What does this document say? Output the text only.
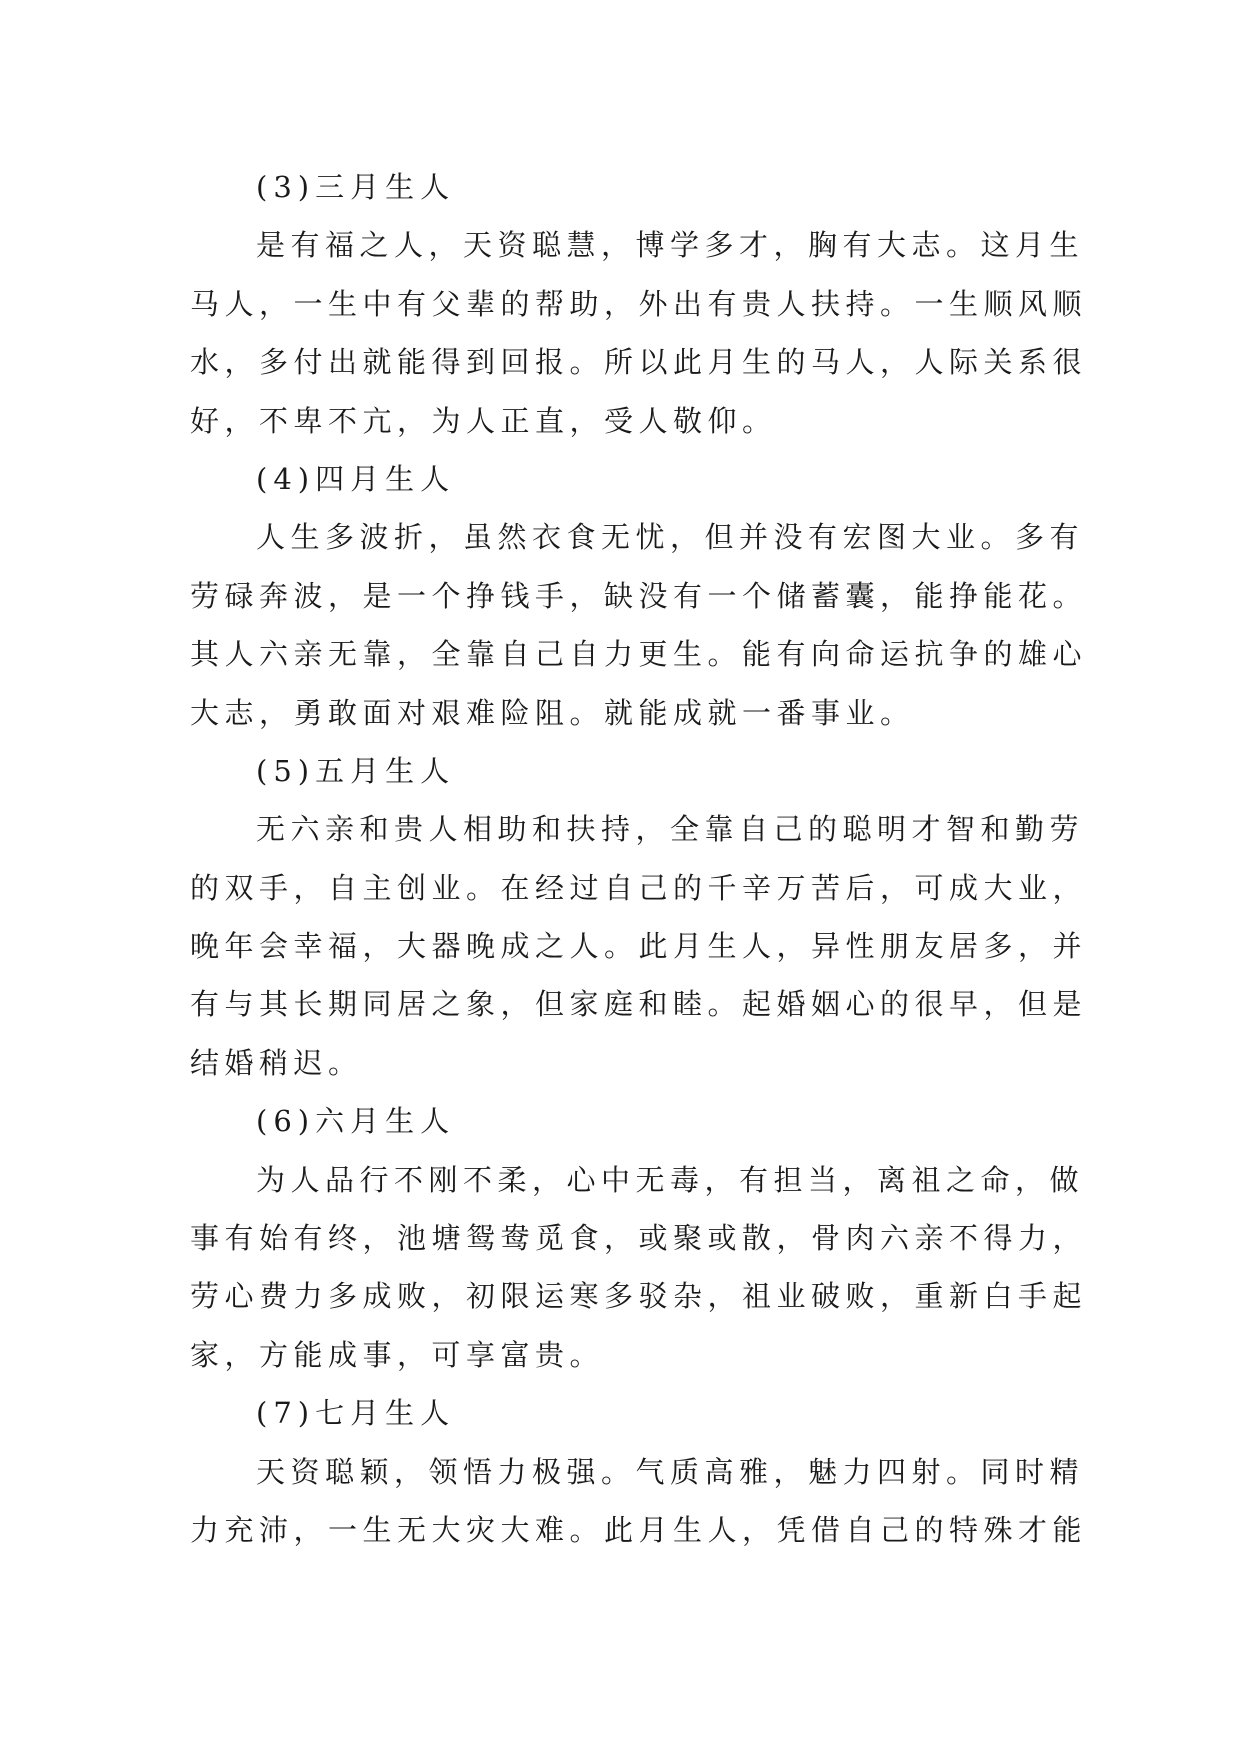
(3)三月生人
是有福之人，天资聪慧，博学多才，胸有大志。这月生
马人，一生中有父辈的帮助，外出有贵人扶持。一生顺风顺
水，多付出就能得到回报。所以此月生的马人，人际关系很
好，不卑不亢，为人正直，受人敬仰。
(4)四月生人
人生多波折，虽然衣食无忧，但并没有宏图大业。多有
劳碌奔波，是一个挣钱手，缺没有一个储蓄囊，能挣能花。
其人六亲无靠，全靠自己自力更生。能有向命运抗争的雄心
大志，勇敢面对艰难险阻。就能成就一番事业。
(5)五月生人
无六亲和贵人相助和扶持，全靠自己的聪明才智和勤劳
的双手，自主创业。在经过自己的千辛万苦后，可成大业，
晚年会幸福，大器晚成之人。此月生人，异性朋友居多，并
有与其长期同居之象，但家庭和睦。起婚姻心的很早，但是
结婚稍迟。
(6)六月生人
为人品行不刚不柔，心中无毒，有担当，离祖之命，做
事有始有终，池塘鸳鸯觅食，或聚或散，骨肉六亲不得力，
劳心费力多成败，初限运寒多驳杂，祖业破败，重新白手起
家，方能成事，可享富贵。
(7)七月生人
天资聪颖，领悟力极强。气质高雅，魅力四射。同时精
力充沛，一生无大灾大难。此月生人，凭借自己的特殊才能
